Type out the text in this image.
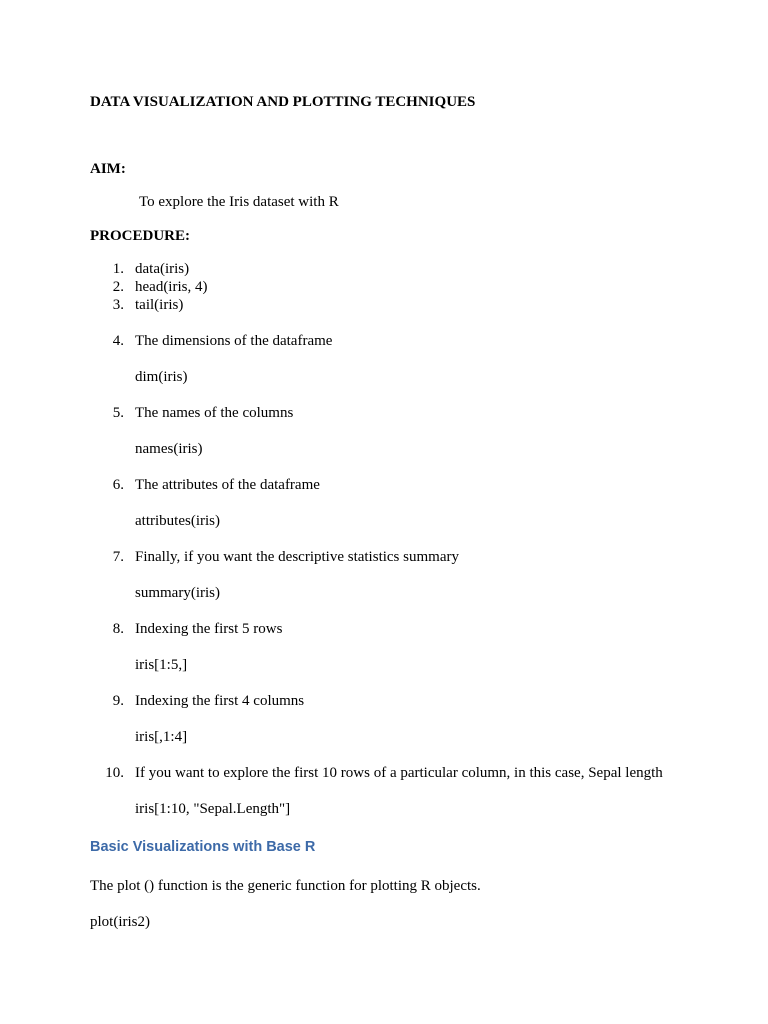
DATA VISUALIZATION AND PLOTTING TECHNIQUES
AIM:
To explore the Iris dataset with R
PROCEDURE:
1. data(iris)
2. head(iris, 4)
3. tail(iris)
4. The dimensions of the dataframe
dim(iris)
5. The names of the columns
names(iris)
6. The attributes of the dataframe
attributes(iris)
7. Finally, if you want the descriptive statistics summary
summary(iris)
8. Indexing the first 5 rows
iris[1:5,]
9. Indexing the first 4 columns
iris[,1:4]
10. If you want to explore the first 10 rows of a particular column, in this case, Sepal length
iris[1:10, "Sepal.Length"]
Basic Visualizations with Base R
The plot () function is the generic function for plotting R objects.
plot(iris2)
